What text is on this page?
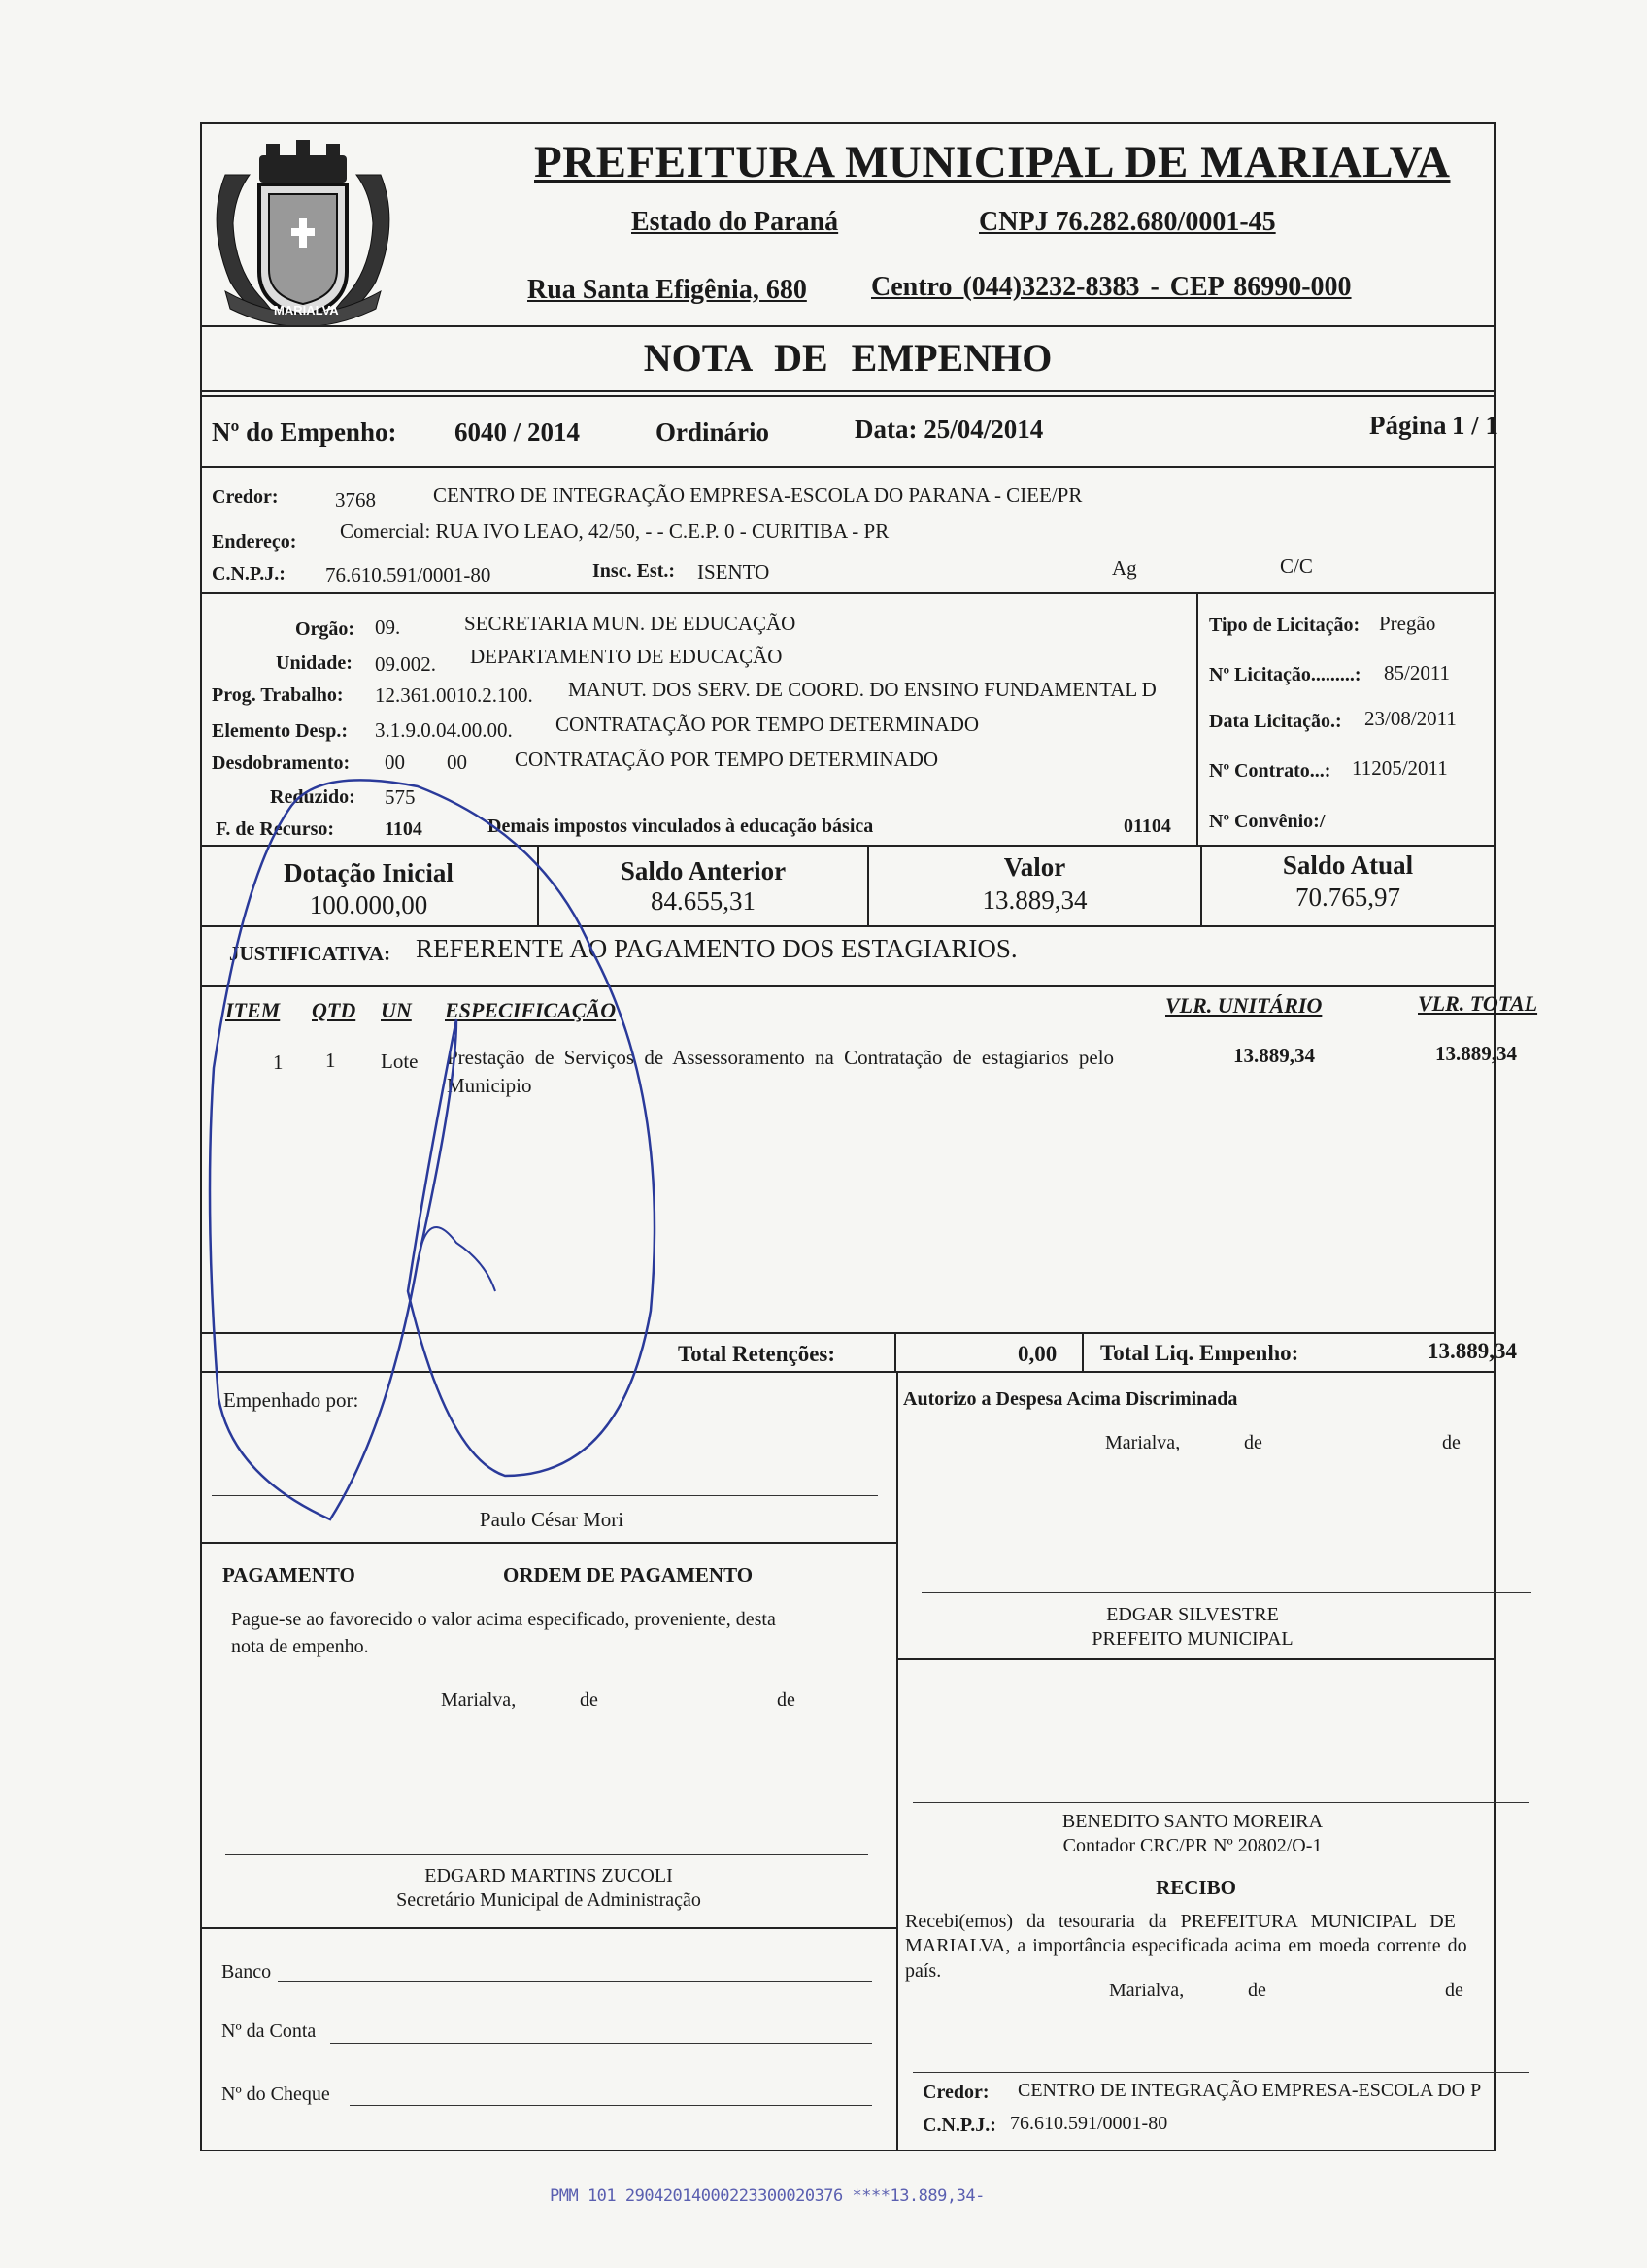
MARIALVA
PREFEITURA MUNICIPAL DE MARIALVA
Estado do Paraná	CNPJ 76.282.680/0001-45
Rua Santa Efigênia, 680 Centro (044)3232-8383 - CEP 86990-000
NOTA DE EMPENHO
Nº do Empenho: 6040 / 2014	Ordinário	Data: 25/04/2014	Página 1 / 1
Credor:	3768	CENTRO DE INTEGRAÇÃO EMPRESA-ESCOLA DO PARANA - CIEE/PR
Endereço: Comercial: RUA IVO LEAO, 42/50, - - C.E.P. 0 - CURITIBA - PR
C.N.P.J.: 76.610.591/0001-80	Insc. Est.: ISENTO	Ag	C/C
Orgão: 09.	SECRETARIA MUN. DE EDUCAÇÃO
Unidade: 09.002. DEPARTAMENTO DE EDUCAÇÃO
Prog. Trabalho: 12.361.0010.2.100. MANUT. DOS SERV. DE COORD. DO ENSINO FUNDAMENTAL D
Elemento Desp.: 3.1.9.0.04.00.00. CONTRATAÇÃO POR TEMPO DETERMINADO
Desdobramento: 00 00 CONTRATAÇÃO POR TEMPO DETERMINADO
Reduzido: 575
F. de Recurso:	1104	Demais impostos vinculados à educação básica	01104
Tipo de Licitação: Pregão
Nº Licitação.........: 85/2011
Data Licitação.: 23/08/2011
Nº Contrato...: 11205/2011
Nº Convênio:/
Dotação Inicial
100.000,00
Saldo Anterior
84.655,31
Valor
13.889,34
Saldo Atual
70.765,97
JUSTIFICATIVA: REFERENTE AO PAGAMENTO DOS ESTAGIARIOS.
ITEM QTD UN ESPECIFICAÇÃO	VLR. UNITÁRIO	VLR. TOTAL
1 1 Lote Prestação de Serviços de Assessoramento na Contratação de estagiarios pelo
Municipio
13.889,34	13.889,34
Total Retenções:	0,00 Total Liq. Empenho:	13.889,34
Empenhado por:
Paulo César Mori
Autorizo a Despesa Acima Discriminada
Marialva,	de	de
EDGAR SILVESTRE
PREFEITO MUNICIPAL
PAGAMENTO	ORDEM DE PAGAMENTO
Pague-se ao favorecido o valor acima especificado, proveniente, desta
nota de empenho.
Marialva,	de	de
EDGARD MARTINS ZUCOLI
Secretário Municipal de Administração
BENEDITO SANTO MOREIRA
Contador CRC/PR Nº 20802/O-1
RECIBO
Recebi(emos) da tesouraria da PREFEITURA MUNICIPAL DE
MARIALVA, a importância especificada acima em moeda corrente do
país.
Marialva,	de	de
Credor: CENTRO DE INTEGRAÇÃO EMPRESA-ESCOLA DO P
C.N.P.J.: 76.610.591/0001-80
Banco
Nº da Conta
Nº do Cheque
PMM 101 29042014000223300020376 ****13.889,34-
